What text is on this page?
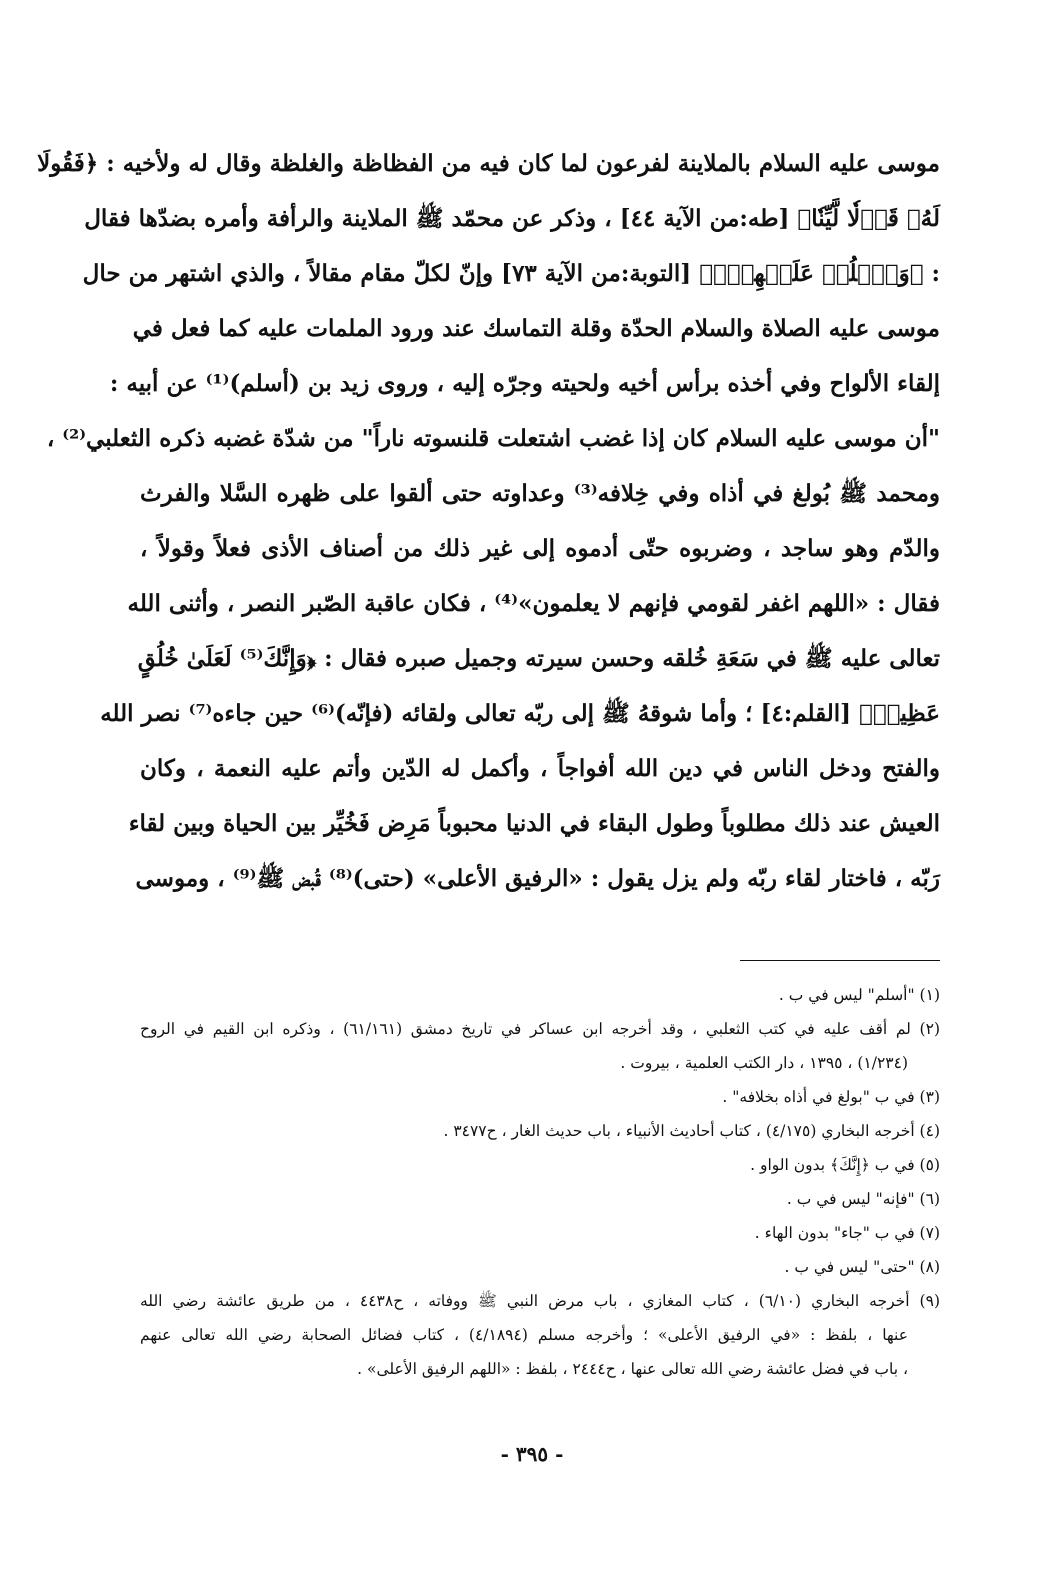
موسى عليه السلام بالملاينة لفرعون لما كان فيه من الفظاظة والغلظة وقال له ولأخيه : ﴿فَقُولَا
لَهُۥ قَوۡلٗا لَّيِّنٗا﴾ [طه:من الآية ٤٤] ، وذكر عن محمّد ﷺ الملاينة والرأفة وأمره بضدّها فقال
: ﴿وَٱغۡلُظۡ عَلَيۡهِمۡۚ﴾ [التوبة:من الآية ٧٣] وإنّ لكلّ مقام مقالاً ، والذي اشتهر من حال
موسى عليه الصلاة والسلام الحدّة وقلة التماسك عند ورود الملمات عليه كما فعل في
إلقاء الألواح وفي أخذه برأس أخيه ولحيته وجرّه إليه ، وروى زيد بن (أسلم)⁽¹⁾ عن أبيه :
"أن موسى عليه السلام كان إذا غضب اشتعلت قلنسوته ناراً" من شدّة غضبه ذكره الثعلبي⁽²⁾ ،
ومحمد ﷺ بُولغ في أذاه وفي خِلافه⁽³⁾ وعداوته حتى ألقوا على ظهره السَّلا والفرث
والدّم وهو ساجد ، وضربوه حتّى أدموه إلى غير ذلك من أصناف الأذى فعلاً وقولاً ،
فقال : «اللهم اغفر لقومي فإنهم لا يعلمون»⁽⁴⁾ ، فكان عاقبة الصّبر النصر ، وأثنى الله
تعالى عليه ﷺ في سَعَةِ خُلقه وحسن سيرته وجميل صبره فقال : ﴿وَإِنَّكَ⁽⁵⁾ لَعَلَىٰ خُلُقٍ
عَظِيمٖ﴾ [القلم:٤] ؛ وأما شوقهُ ﷺ إلى ربّه تعالى ولقائه (فإنّه)⁽⁶⁾ حين جاءه⁽⁷⁾ نصر الله
والفتح ودخل الناس في دين الله أفواجاً ، وأكمل له الدّين وأتم عليه النعمة ، وكان
العيش عند ذلك مطلوباً وطول البقاء في الدنيا محبوباً مَرِض فَخُيِّر بين الحياة وبين لقاء
رَبّه ، فاختار لقاء ربّه ولم يزل يقول : «الرفيق الأعلى» (حتى)⁽⁸⁾ قُبض ﷺ⁽⁹⁾ ، وموسى
(١) "أسلم" ليس في ب .
(٢) لم أقف عليه في كتب الثعلبي ، وقد أخرجه ابن عساكر في تاريخ دمشق (٦١/١٦١) ، وذكره ابن القيم في الروح
(١/٢٣٤) ، ١٣٩٥ ، دار الكتب العلمية ، بيروت .
(٣) في ب "بولغ في أذاه بخلافه" .
(٤) أخرجه البخاري (٤/١٧٥) ، كتاب أحاديث الأنبياء ، باب حديث الغار ، ح٣٤٧٧ .
(٥) في ب ﴿إِنَّكَ﴾ بدون الواو .
(٦) "فإنه" ليس في ب .
(٧) في ب "جاء" بدون الهاء .
(٨) "حتى" ليس في ب .
(٩) أخرجه البخاري (٦/١٠) ، كتاب المغازي ، باب مرض النبي ﷺ ووفاته ، ح٤٤٣٨ ، من طريق عائشة رضي الله
عنها ، بلفظ : «في الرفيق الأعلى» ؛ وأخرجه مسلم (٤/١٨٩٤) ، كتاب فضائل الصحابة رضي الله تعالى عنهم
، باب في فضل عائشة رضي الله تعالى عنها ، ح٢٤٤٤ ، بلفظ : «اللهم الرفيق الأعلى» .
- ٣٩٥ -
